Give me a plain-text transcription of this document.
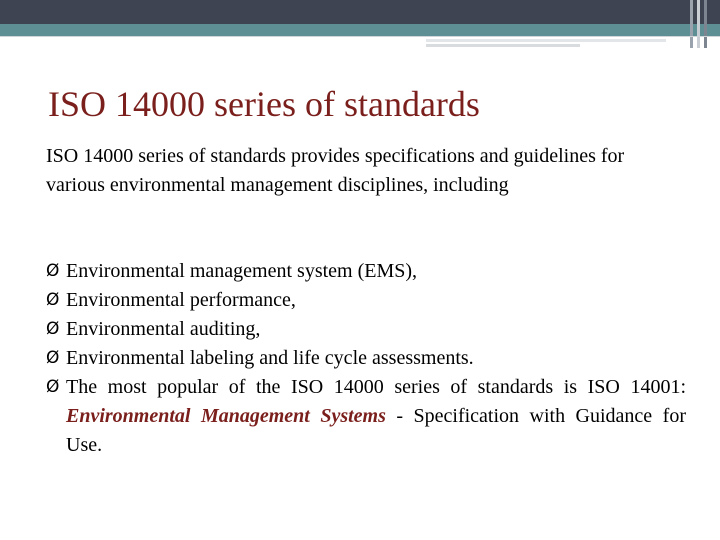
ISO 14000 series of standards
ISO 14000 series of standards provides specifications and guidelines for various environmental management disciplines, including
Ø Environmental management system (EMS),
Ø Environmental performance,
Ø Environmental auditing,
Ø Environmental labeling and life cycle assessments.
Ø The most popular of the ISO 14000 series of standards is ISO 14001: Environmental Management Systems - Specification with Guidance for Use.
